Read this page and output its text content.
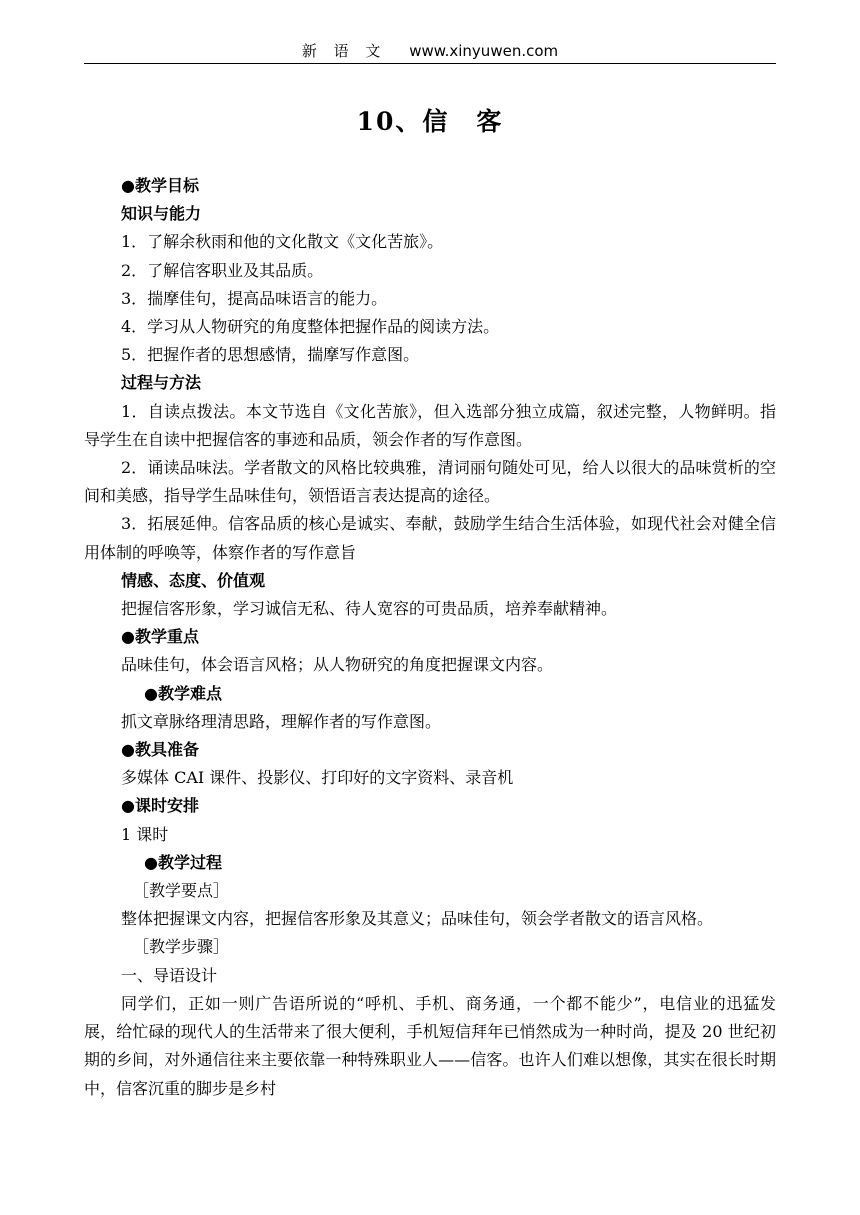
新 语 文 www.xinyuwen.com
10、信　客

●教学目标

知识与能力

1．了解余秋雨和他的文化散文《文化苦旅》。

2．了解信客职业及其品质。

3．揣摩佳句，提高品味语言的能力。

4．学习从人物研究的角度整体把握作品的阅读方法。

5．把握作者的思想感情，揣摩写作意图。

过程与方法

1．自读点拨法。本文节选自《文化苦旅》，但入选部分独立成篇，叙述完整，人物鲜明。指导学生在自读中把握信客的事迹和品质，领会作者的写作意图。

2．诵读品味法。学者散文的风格比较典雅，清词丽句随处可见，给人以很大的品味赏析的空间和美感，指导学生品味佳句，领悟语言表达提高的途径。

3．拓展延伸。信客品质的核心是诚实、奉献，鼓励学生结合生活体验，如现代社会对健全信用体制的呼唤等，体察作者的写作意旨

情感、态度、价值观

把握信客形象，学习诚信无私、待人宽容的可贵品质，培养奉献精神。

●教学重点

品味佳句，体会语言风格；从人物研究的角度把握课文内容。

●教学难点

抓文章脉络理清思路，理解作者的写作意图。

●教具准备

多媒体 CAI 课件、投影仪、打印好的文字资料、录音机

●课时安排

1 课时

●教学过程

［教学要点］

整体把握课文内容，把握信客形象及其意义；品味佳句，领会学者散文的语言风格。

［教学步骤］

一、导语设计

同学们，正如一则广告语所说的“呼机、手机、商务通，一个都不能少”，电信业的迅猛发展，给忙碌的现代人的生活带来了很大便利，手机短信拜年已悄然成为一种时尚，提及 20 世纪初期的乡间，对外通信往来主要依靠一种特殊职业人——信客。也许人们难以想像，其实在很长时期中，信客沉重的脚步是乡村
